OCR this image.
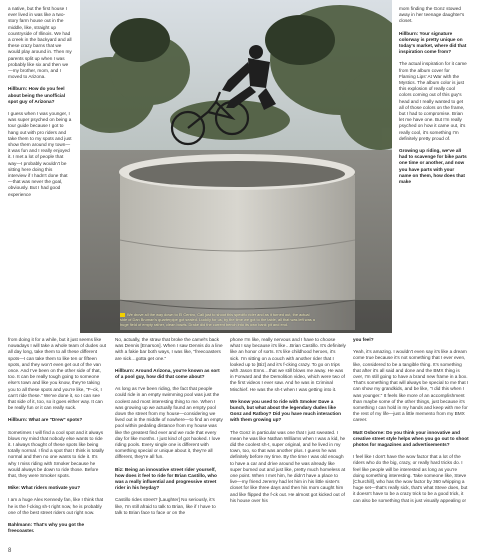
a native, but the first house I ever lived in was like a two-story farm house out in the middle, like, straight up countryside of Illinois. We had a creek in the backyard and all these crazy barns that we would play around in. Then my parents split up when I was probably like six and then we—my brother, mom, and I moved to Arizona.

Hillburn: How do you feel about being the unofficial spot guy of Arizona?

I guess when I was younger, I was super psyched on being a tour guide because I got to hang out with pro riders and take them to my spots and just show them around my town—it was fun and I really enjoyed it. I met a lot of people that way—I probably wouldn't be sitting here doing this interview if I hadn't done that—that was never the goal, obviously. But I had good experience

We drove all the way down to El Centro, Cali just to shoot this specific rider and as it turned out, the actual side of Dan Bruman's quarterpipe got sealed. Luckily for us, by the time we got to the table, all that was left was a huge field of empty rather, clean bowls. Drake did the current bench into its own bank pit and end.

mom finding the Gonz stowed away in her teenage daughter's closet.

Hillburn: Your signature colorway is pretty unique on today's market, where did that inspiration come from?

The actual inspiration for it came from the album cover for Flaming Lips' At War with the Mystics. The album color is just this explosion of really cool colors coming out of this guy's head and I really wanted to get all of those colors on the frame, but I had to compromise. Brian let me have one. But I'm really psyched on how it came out, it's really cool, it's something I'm definitely pretty proud of.

Growing up riding, we've all had to scavenge for bike parts one time or another, and now you have parts with your name on them, how does that make

from doing it for a while, but it just seems like nowadays I will take a whole team of dudes out all day long, take them to all these different spots—I can take them to like ten or fifteen spots, and they won't even get out of the van once. And I've been on the other side of that, too. It can be really tough going to someone else's town and like you know, they're taking you to all these spots and you're like, "F–ck, I can't ride these." We've done it, so I can see that side of it, too, so it goes either way. It can be really fun or it can really suck.

Hillburn: What are "Drew" spots?

Sometimes I will find a cool spot and it always blows my mind that nobody else wants to ride it. I always thought of these spots like being totally normal. I find a spot that I think is totally normal and then no one wants to ride it. It's why I miss riding with Smoker because he would always be down to ride those. Before that, they were Smoker spots.

Mike: What riders motivate you?

I am a huge Alex Kennedy fan, like I think that he is the f-cking sh-t right now, he is probably one of the best street riders out right now.

Bahlmann: That's why you got the freecoaster.

No, actually, the straw that broke the camel's back was Dennis [Enarson]. When I saw Dennis do a line with a fakie bar both ways, I was like, "freecoasters are sick…gotta get one."

Hillburn: Around Arizona, you're known as sort of a pool guy, how did that come about?

As long as I've been riding, the fact that people could ride in an empty swimming pool was just the coolest and most interesting thing to me. When I was growing up we actually found an empty pool down the street from my house—considering we lived out in the middle of nowhere—to find an empty pool within pedaling distance from my house was like the greatest find ever and we rode that every day for like months. I just kind of got hooked. I love riding pools. Every single one is different with something special or unique about it, they're all different, they're all fun.

Biz: Being an innovative street rider yourself, how does it feel to ride for Brian Castillo, who was a really influential and progressive street rider in his heyday?

Castillo rides street? [Laughter] No seriously, it's like, I'm still afraid to talk to Brian, like if I have to talk to Brian face to face or on the

phone I'm like, really nervous and I have to choose what I say because it's like…Brian Castillo. It's definitely like an honor of sorts. It's like childhood heroes, it's sick. I'm sitting on a couch with another rider that I looked up to [Biz] and it's f-cking crazy. To go on trips with Jason Enns…that we still blows me away. He was in Forward and the Demolition video, which were two of the first videos I ever saw. And he was in Criminal Mischief. He was the sh-t when I was getting into it.

We know you used to ride with Smoker Dave a bunch, but what about the legendary dudes like Gonz and Ratboy? Did you have much interaction with them growing up?

The Gonz in particular was one that I just sweated. I mean he was like Nathan Williams when I was a kid, he did the coolest sh-t, super original, and he lived in my town, too, so that was another plus. I guess he was definitely before my time. By the time I was old enough to have a car and drive around he was already like super burned out and just like, pretty much homeless at one point. When I met him, he didn't have a place to live—my friend Jeremy had let him in his little sister's closet for like three days and then his mom caught him and like flipped the f-ck out. He almost got kicked out of his house over his

you feel?

Yeah, it's amazing. I wouldn't even say it's like a dream come true because it's not something that I ever even, like, considered to be a tangible thing. It's something that after it's all said and done and the BMX thing is over, I'm still going to have a brand new frame in a box. That's something that will always be special to me that I can show my grandkids, and be like, "I did this when I was younger." It feels like more of an accomplishment than maybe some of the other things, just because it's something I can hold in my hands and keep with me for the rest of my life—just a little memento from my BMX career.

Matt Osborne: Do you think your innovative and creative street style helps when you go out to shoot photos for magazines and advertisements?

I feel like I don't have the wow factor that a lot of the riders who do the big, crazy, or really hard tricks do. I feel like people will be interested as long as you're doing something interesting. Take someone like, Steve [Churchill], who has the wow factor by 360 whipping a huge set—that's really sick, that's what Steve does, but it doesn't have to be a crazy trick to be a good trick, it can also be something that is just visually appealing or

8
